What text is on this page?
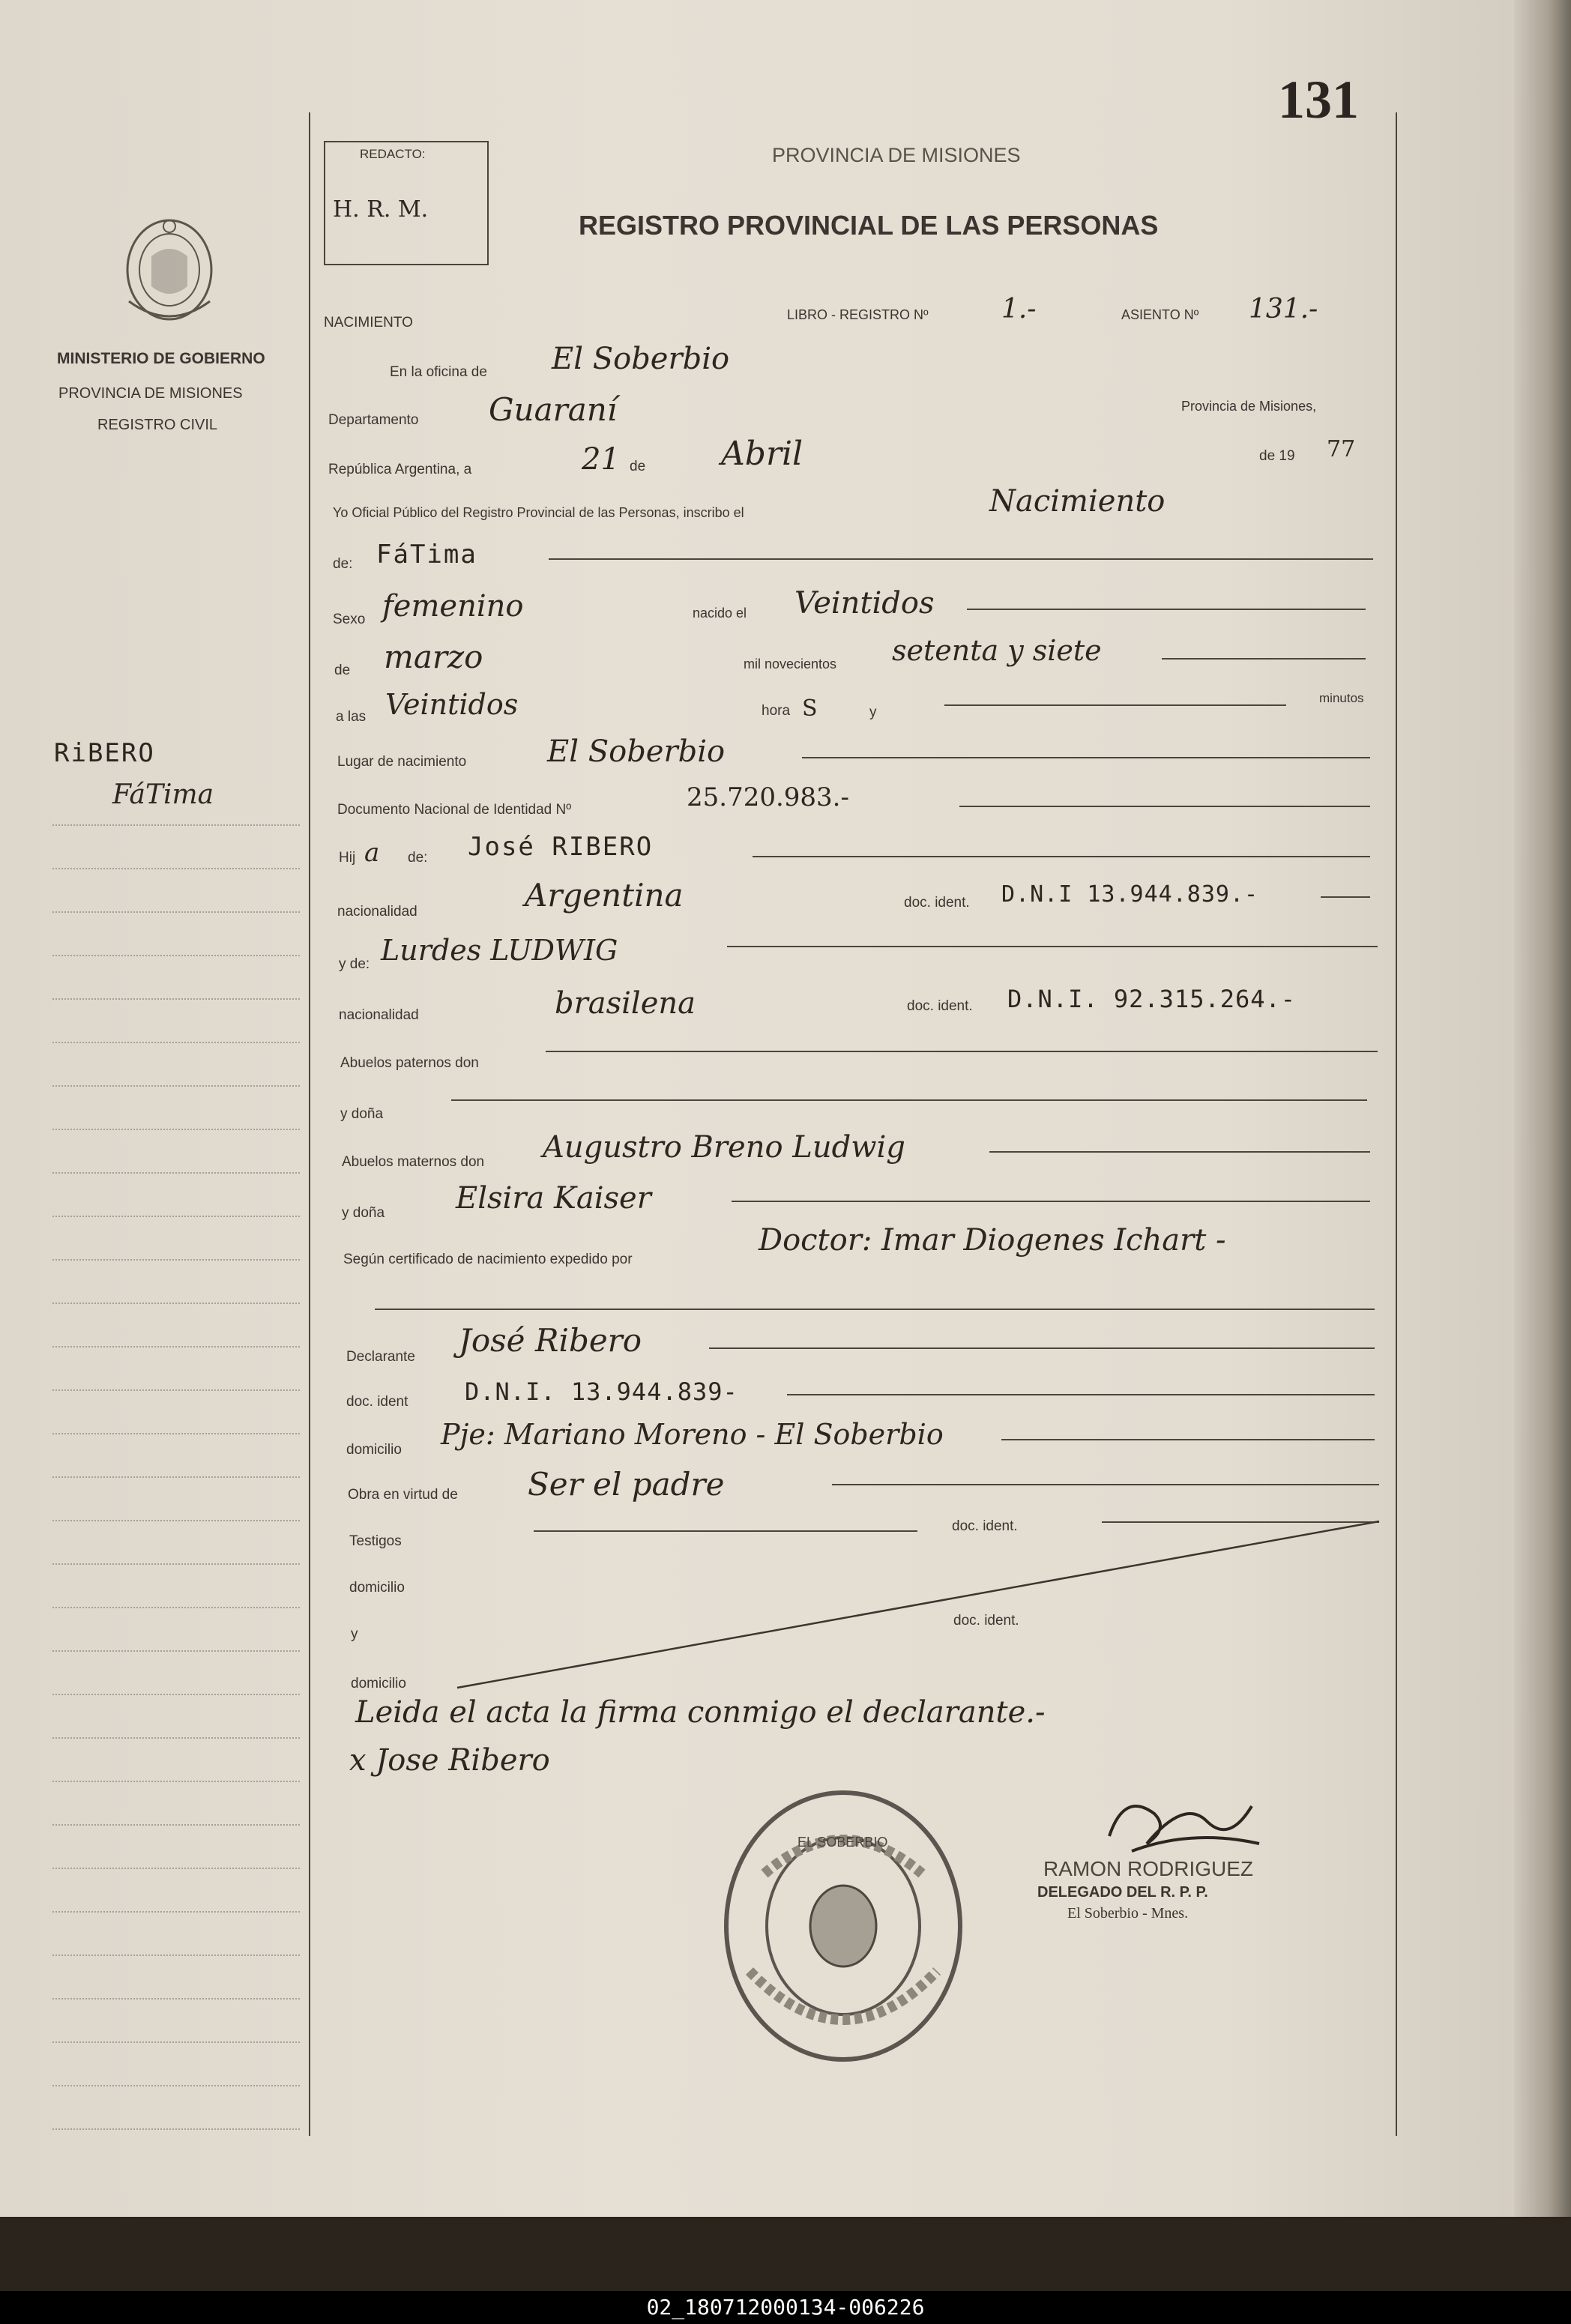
131
MINISTERIO DE GOBIERNO
PROVINCIA DE MISIONES
REGISTRO CIVIL
RiBERO
FáTima
REDACTO:
H. R. M.
PROVINCIA DE MISIONES
REGISTRO PROVINCIAL DE LAS PERSONAS
NACIMIENTO	LIBRO - REGISTRO Nº	1.-	ASIENTO Nº 131.-
En la oficina de El Soberbio
Departamento Guaraní	Provincia de Misiones,
República Argentina, a	21 de Abril	de 19 77
Yo Oficial Público del Registro Provincial de las Personas, inscribo el	Nacimiento
de: FáTima
Sexo femenino	nacido el Veintidos
de marzo	mil novecientos setenta y siete
a las Veintidos	hora S	y
minutos
Lugar de nacimiento	El Soberbio
Documento Nacional de Identidad Nº	25.720.983.-
Hij a de: José RIBERO
nacionalidad	Argentina	doc. ident. D.N.I 13.944.839.-
y de: Lurdes LUDWIG
nacionalidad	brasilena	doc. ident. D.N.I. 92.315.264.-
Abuelos paternos don
y doña
Abuelos maternos don Augustro Breno Ludwig
y doña Elsira Kaiser
Según certificado de nacimiento expedido por
Doctor: Imar Diogenes Ichart -
Declarante José Ribero
doc. ident D.N.I. 13.944.839-
domicilio Pje: Mariano Moreno - El Soberbio
Obra en virtud de Ser el padre
Testigos
doc. ident.
domicilio
y
doc. ident.
domicilio
Leida el acta la firma conmigo el declarante.-
x Jose Ribero
EL SOBERBIO
RAMON RODRIGUEZ
DELEGADO DEL R. P. P.
El Soberbio - Mnes.
02_180712000134-006226
